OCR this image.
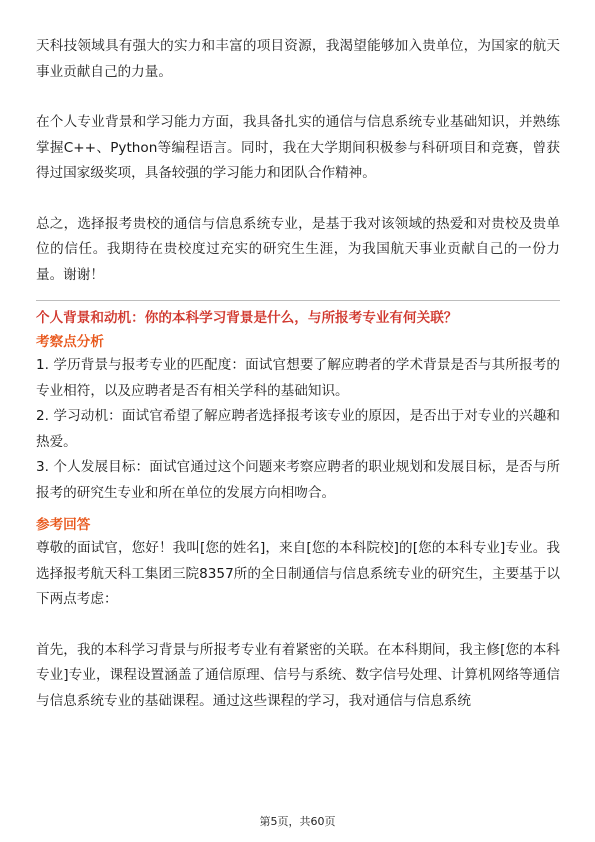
天科技领域具有强大的实力和丰富的项目资源，我渴望能够加入贵单位，为国家的航天事业贡献自己的力量。

在个人专业背景和学习能力方面，我具备扎实的通信与信息系统专业基础知识，并熟练掌握C++、Python等编程语言。同时，我在大学期间积极参与科研项目和竞赛，曾获得过国家级奖项，具备较强的学习能力和团队合作精神。

总之，选择报考贵校的通信与信息系统专业，是基于我对该领域的热爱和对贵校及贵单位的信任。我期待在贵校度过充实的研究生生涯，为我国航天事业贡献自己的一份力量。谢谢！

个人背景和动机：你的本科学习背景是什么，与所报考专业有何关联？

考察点分析

1. 学历背景与报考专业的匹配度：面试官想要了解应聘者的学术背景是否与其所报考的专业相符，以及应聘者是否有相关学科的基础知识。

2. 学习动机：面试官希望了解应聘者选择报考该专业的原因，是否出于对专业的兴趣和热爱。

3. 个人发展目标：面试官通过这个问题来考察应聘者的职业规划和发展目标，是否与所报考的研究生专业和所在单位的发展方向相吻合。

参考回答

尊敬的面试官，您好！我叫[您的姓名]，来自[您的本科院校]的[您的本科专业]专业。我选择报考航天科工集团三院8357所的全日制通信与信息系统专业的研究生，主要基于以下两点考虑：

首先，我的本科学习背景与所报考专业有着紧密的关联。在本科期间，我主修[您的本科专业]专业，课程设置涵盖了通信原理、信号与系统、数字信号处理、计算机网络等通信与信息系统专业的基础课程。通过这些课程的学习，我对通信与信息系统

第5页，共60页
